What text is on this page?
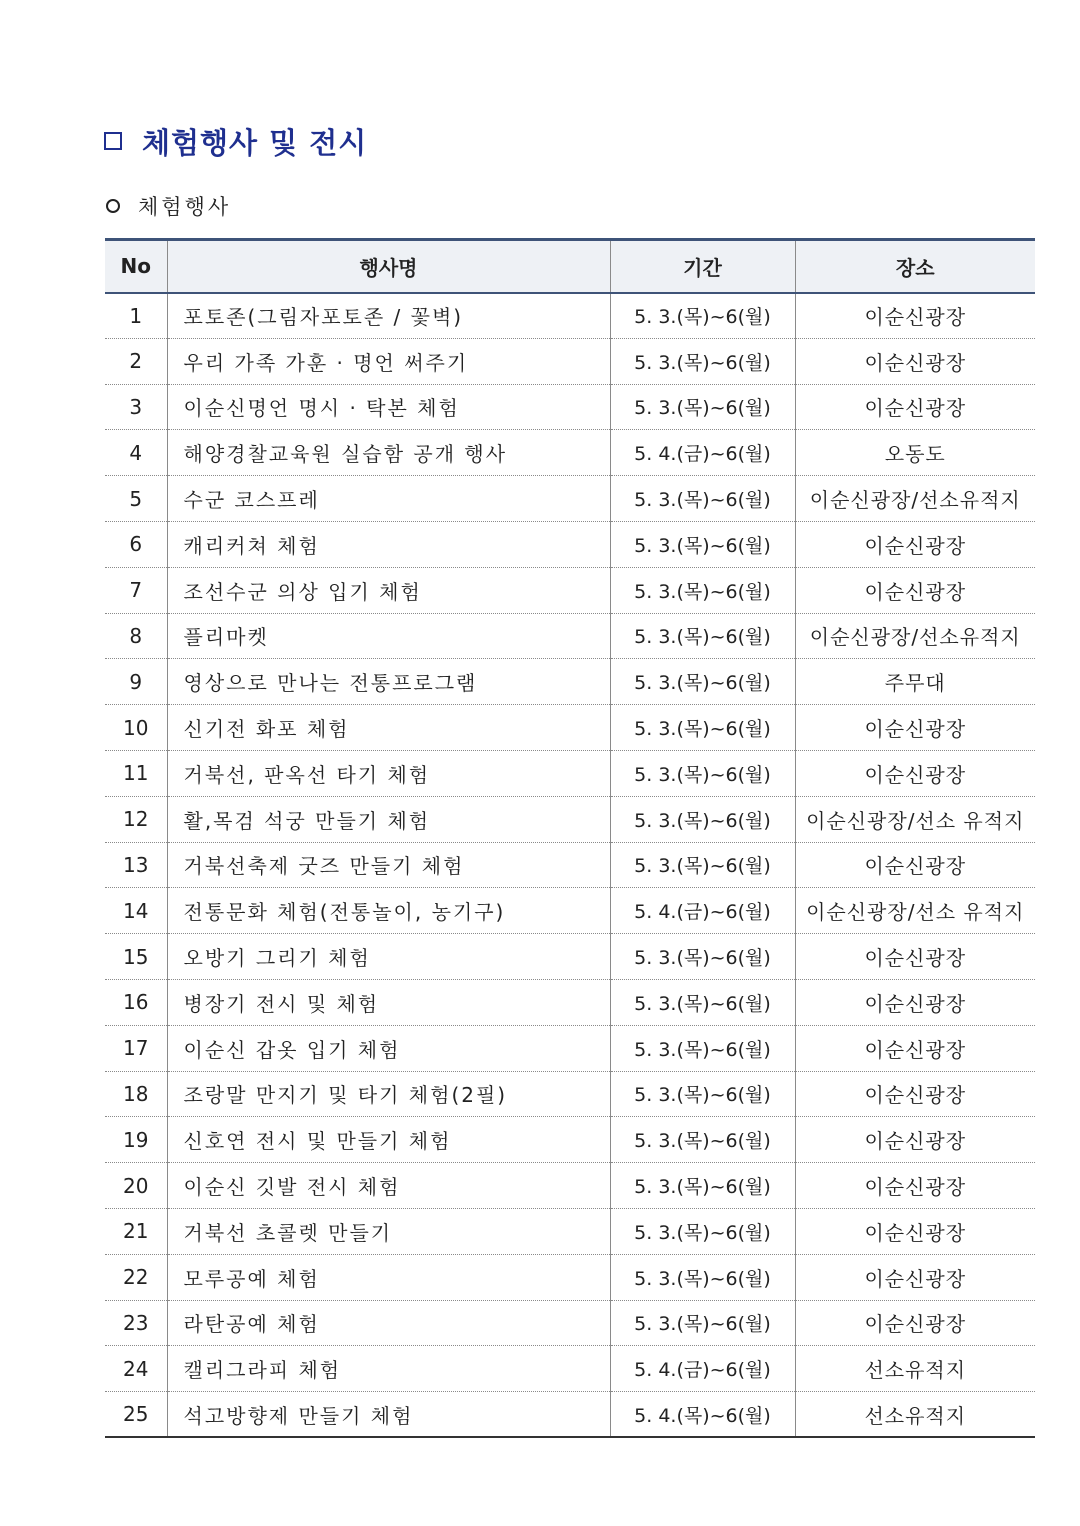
체험행사 및 전시
체험행사
No	행사명	기간	장소
1	포토존(그림자포토존 / 꽃벽)	5. 3.(목)~6(월)	이순신광장
2	우리 가족 가훈 · 명언 써주기	5. 3.(목)~6(월)	이순신광장
3	이순신명언 명시 · 탁본 체험	5. 3.(목)~6(월)	이순신광장
4	해양경찰교육원 실습함 공개 행사	5. 4.(금)~6(월)	오동도
5	수군 코스프레	5. 3.(목)~6(월)	이순신광장/선소유적지
6	캐리커쳐 체험	5. 3.(목)~6(월)	이순신광장
7	조선수군 의상 입기 체험	5. 3.(목)~6(월)	이순신광장
8	플리마켓	5. 3.(목)~6(월)	이순신광장/선소유적지
9	영상으로 만나는 전통프로그램	5. 3.(목)~6(월)	주무대
10	신기전 화포 체험	5. 3.(목)~6(월)	이순신광장
11	거북선, 판옥선 타기 체험	5. 3.(목)~6(월)	이순신광장
12	활,목검 석궁 만들기 체험	5. 3.(목)~6(월)	이순신광장/선소 유적지
13	거북선축제 굿즈 만들기 체험	5. 3.(목)~6(월)	이순신광장
14	전통문화 체험(전통놀이, 농기구)	5. 4.(금)~6(월)	이순신광장/선소 유적지
15	오방기 그리기 체험	5. 3.(목)~6(월)	이순신광장
16	병장기 전시 및 체험	5. 3.(목)~6(월)	이순신광장
17	이순신 갑옷 입기 체험	5. 3.(목)~6(월)	이순신광장
18	조랑말 만지기 및 타기 체험(2필)	5. 3.(목)~6(월)	이순신광장
19	신호연 전시 및 만들기 체험	5. 3.(목)~6(월)	이순신광장
20	이순신 깃발 전시 체험	5. 3.(목)~6(월)	이순신광장
21	거북선 초콜렛 만들기	5. 3.(목)~6(월)	이순신광장
22	모루공예 체험	5. 3.(목)~6(월)	이순신광장
23	라탄공예 체험	5. 3.(목)~6(월)	이순신광장
24	캘리그라피 체험	5. 4.(금)~6(월)	선소유적지
25	석고방향제 만들기 체험	5. 4.(목)~6(월)	선소유적지
